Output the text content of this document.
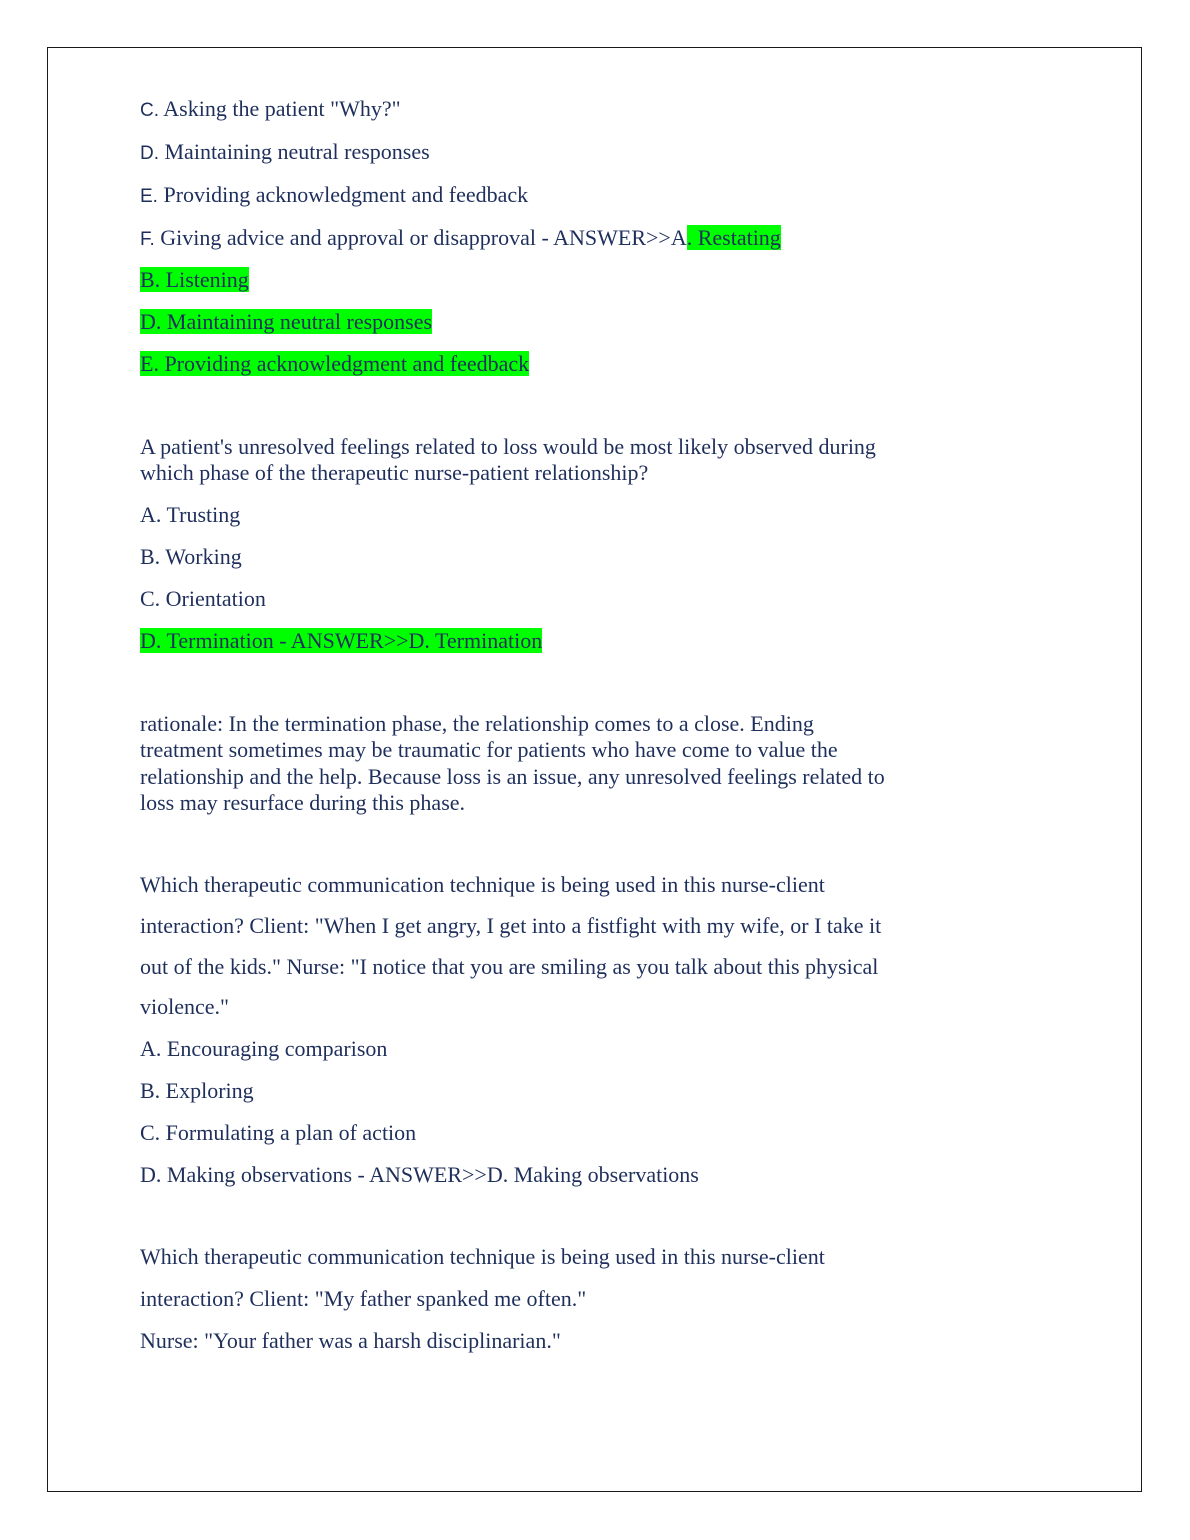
C. Asking the patient "Why?"
D. Maintaining neutral responses
E. Providing acknowledgment and feedback
F. Giving advice and approval or disapproval - ANSWER>>A. Restating
B. Listening
D. Maintaining neutral responses
E. Providing acknowledgment and feedback
A patient's unresolved feelings related to loss would be most likely observed during
which phase of the therapeutic nurse-patient relationship?
A. Trusting
B. Working
C. Orientation
D. Termination - ANSWER>>D. Termination
rationale: In the termination phase, the relationship comes to a close. Ending
treatment sometimes may be traumatic for patients who have come to value the
relationship and the help. Because loss is an issue, any unresolved feelings related to
loss may resurface during this phase.
Which therapeutic communication technique is being used in this nurse-client
interaction? Client: "When I get angry, I get into a fistfight with my wife, or I take it
out of the kids." Nurse: "I notice that you are smiling as you talk about this physical
violence."
A. Encouraging comparison
B. Exploring
C. Formulating a plan of action
D. Making observations - ANSWER>>D. Making observations
Which therapeutic communication technique is being used in this nurse-client
interaction? Client: "My father spanked me often."
Nurse: "Your father was a harsh disciplinarian."
